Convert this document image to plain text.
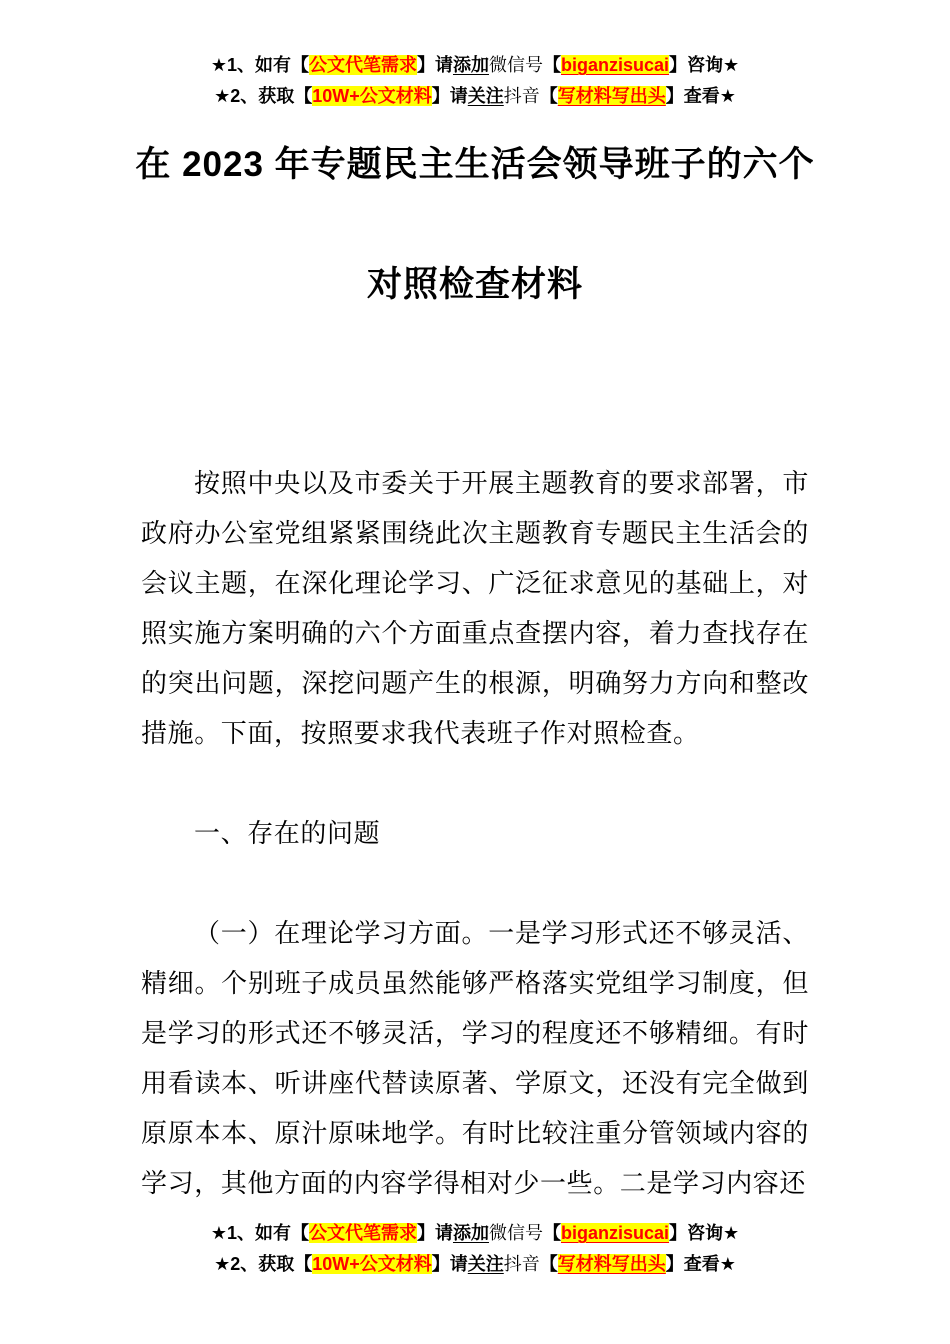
★1、如有【公文代笔需求】请添加微信号【biganzisucai】咨询★
★2、获取【10W+公文材料】请关注抖音【写材料写出头】查看★
在 2023 年专题民主生活会领导班子的六个
对照检查材料

按照中央以及市委关于开展主题教育的要求部署，市政府办公室党组紧紧围绕此次主题教育专题民主生活会的会议主题，在深化理论学习、广泛征求意见的基础上，对照实施方案明确的六个方面重点查摆内容，着力查找存在的突出问题，深挖问题产生的根源，明确努力方向和整改措施。下面，按照要求我代表班子作对照检查。

一、存在的问题

（一）在理论学习方面。一是学习形式还不够灵活、精细。个别班子成员虽然能够严格落实党组学习制度，但是学习的形式还不够灵活，学习的程度还不够精细。有时用看读本、听讲座代替读原著、学原文，还没有完全做到原原本本、原汁原味地学。有时比较注重分管领域内容的学习，其他方面的内容学得相对少一些。二是学习内容还

★1、如有【公文代笔需求】请添加微信号【biganzisucai】咨询★
★2、获取【10W+公文材料】请关注抖音【写材料写出头】查看★
